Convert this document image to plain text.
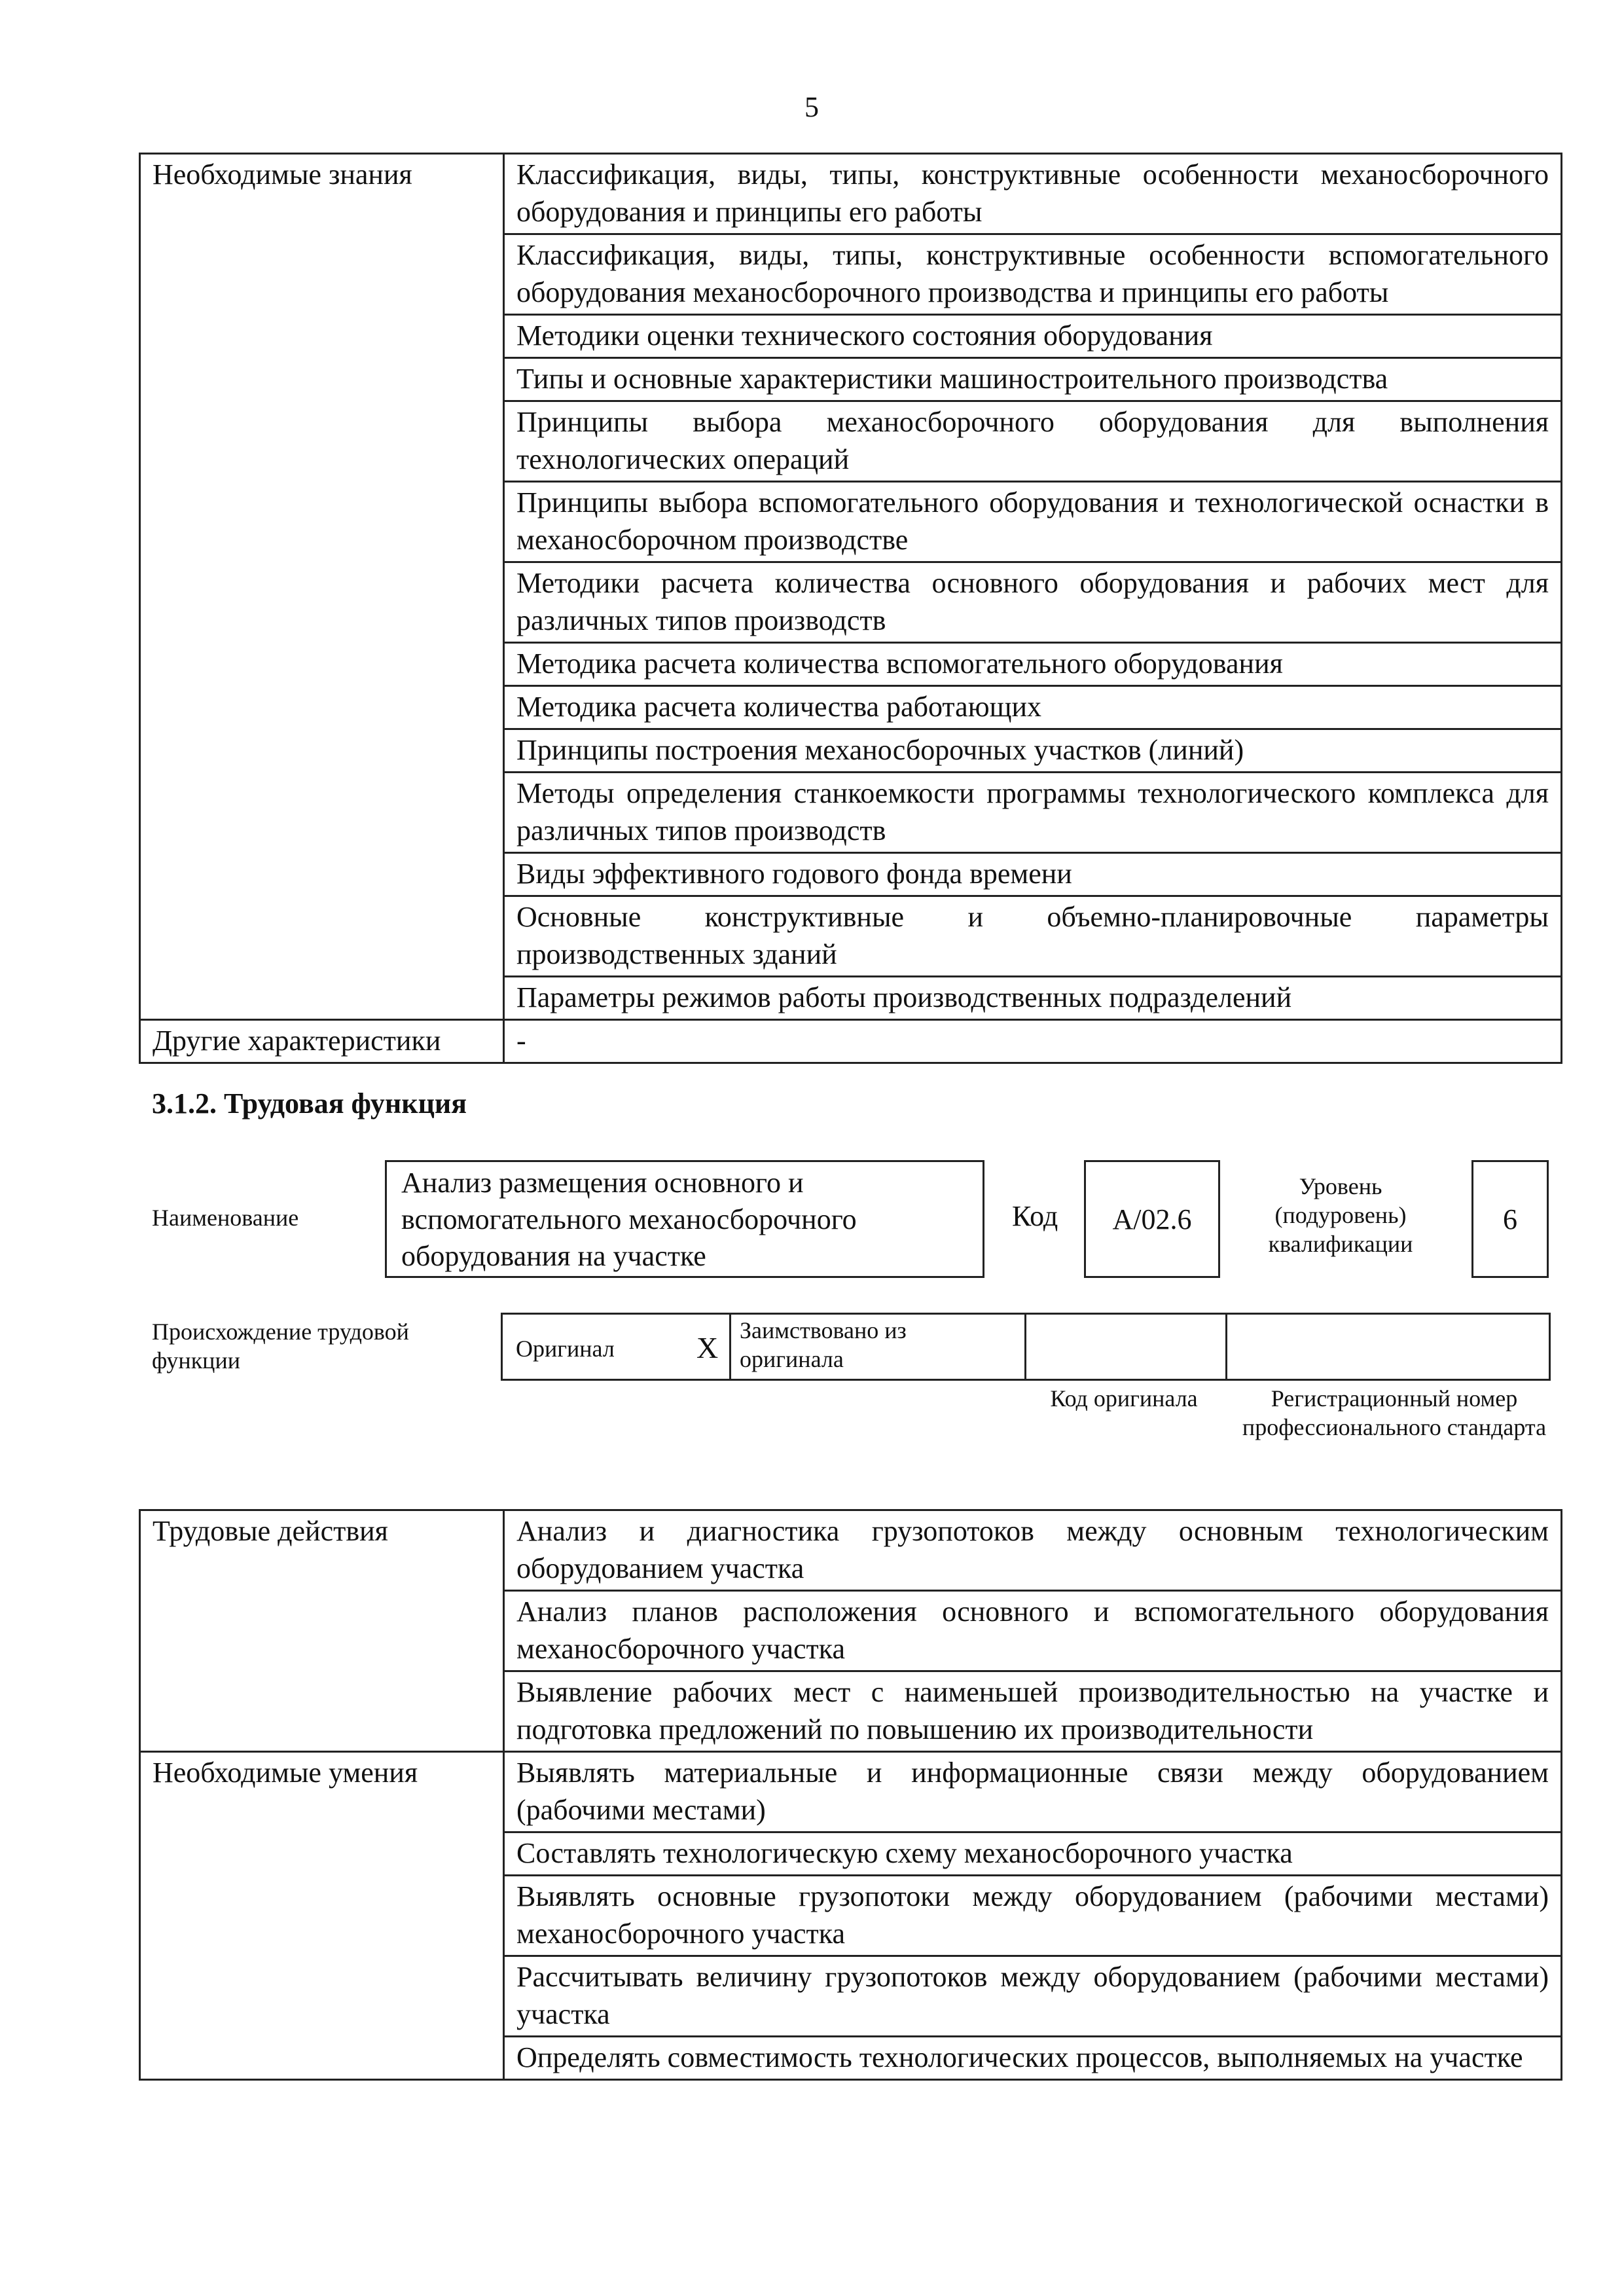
5
Необходимые знания	Классификация, виды, типы, конструктивные особенности механосборочного оборудования и принципы его работы
	Классификация, виды, типы, конструктивные особенности вспомогательного оборудования механосборочного производства и принципы его работы
	Методики оценки технического состояния оборудования
	Типы и основные характеристики машиностроительного производства
	Принципы выбора механосборочного оборудования для выполнения технологических операций
	Принципы выбора вспомогательного оборудования и технологической оснастки в механосборочном производстве
	Методики расчета количества основного оборудования и рабочих мест для различных типов производств
	Методика расчета количества вспомогательного оборудования
	Методика расчета количества работающих
	Принципы построения механосборочных участков (линий)
	Методы определения станкоемкости программы технологического комплекса для различных типов производств
	Виды эффективного годового фонда времени
	Основные конструктивные и объемно-планировочные параметры производственных зданий
	Параметры режимов работы производственных подразделений
Другие характеристики	-
3.1.2. Трудовая функция
Наименование
Анализ размещения основного и вспомогательного механосборочного оборудования на участке
Код	A/02.6
Уровень (подуровень) квалификации
6
Происхождение трудовой функции	Оригинал	X
Заимствовано из оригинала
Код оригинала	Регистрационный номер профессионального стандарта
Трудовые действия	Анализ и диагностика грузопотоков между основным технологическим оборудованием участка
	Анализ планов расположения основного и вспомогательного оборудования механосборочного участка
	Выявление рабочих мест с наименьшей производительностью на участке и подготовка предложений по повышению их производительности
Необходимые умения	Выявлять материальные и информационные связи между оборудованием (рабочими местами)
	Составлять технологическую схему механосборочного участка
	Выявлять основные грузопотоки между оборудованием (рабочими местами) механосборочного участка
	Рассчитывать величину грузопотоков между оборудованием (рабочими местами) участка
	Определять совместимость технологических процессов, выполняемых на участке
